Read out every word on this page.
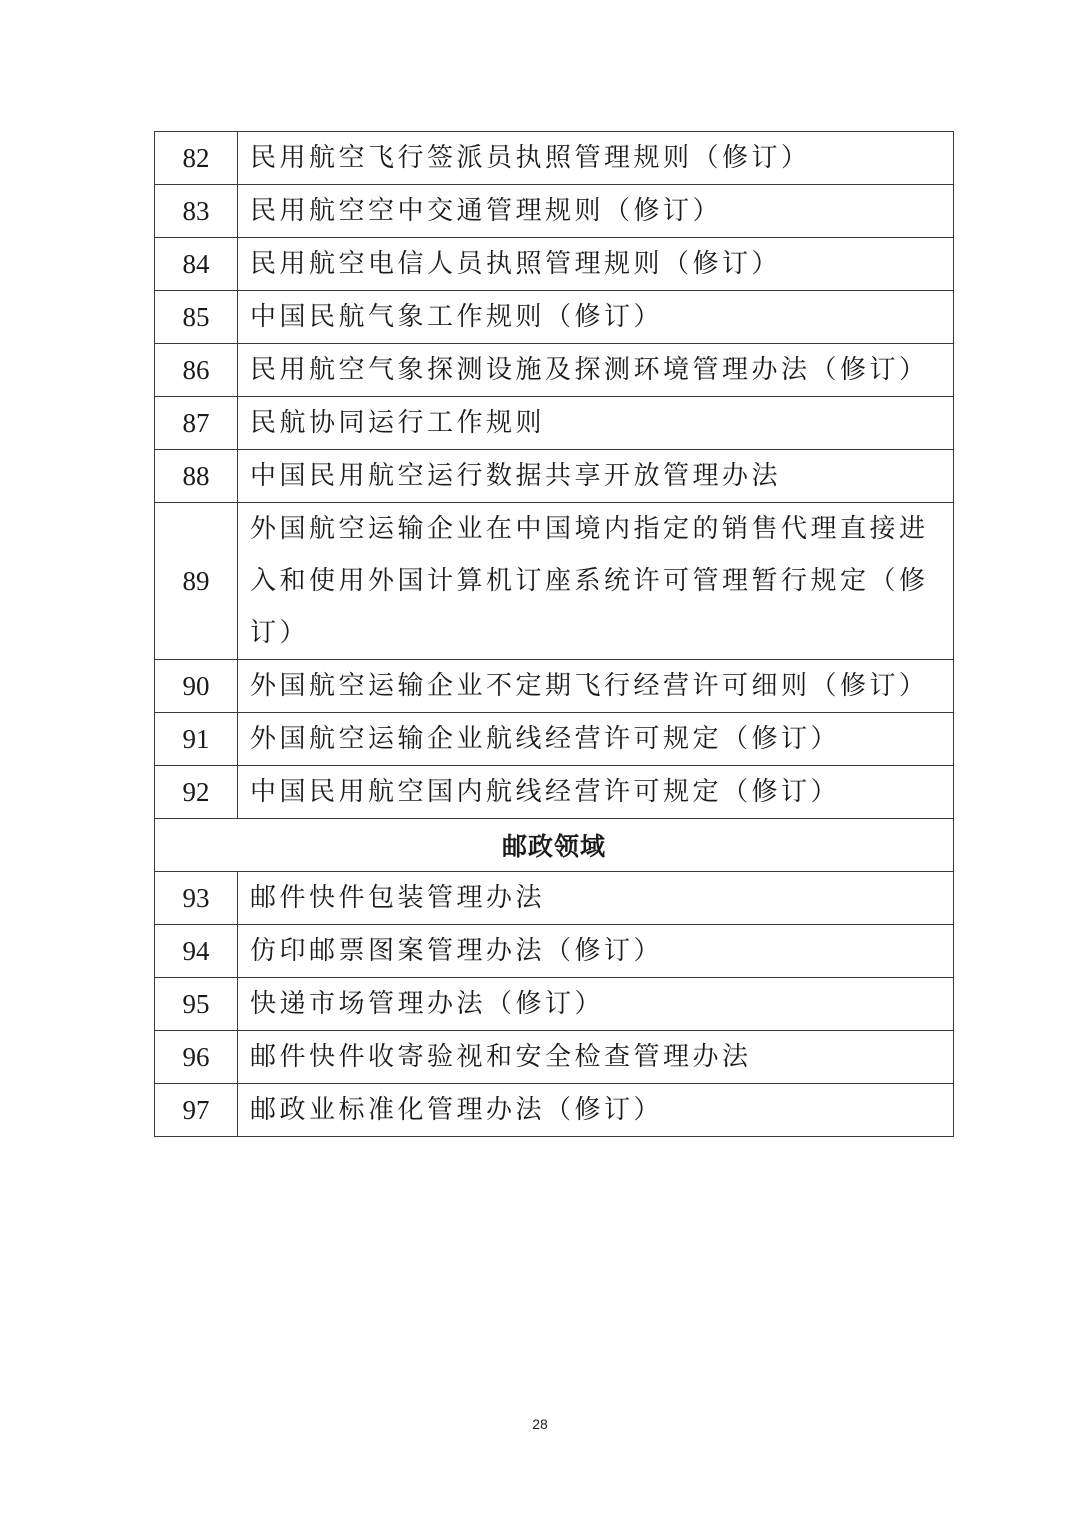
82	民用航空飞行签派员执照管理规则（修订）
83	民用航空空中交通管理规则（修订）
84	民用航空电信人员执照管理规则（修订）
85	中国民航气象工作规则（修订）
86	民用航空气象探测设施及探测环境管理办法（修订）
87	民航协同运行工作规则
88	中国民用航空运行数据共享开放管理办法
89	外国航空运输企业在中国境内指定的销售代理直接进入和使用外国计算机订座系统许可管理暂行规定（修订）
90	外国航空运输企业不定期飞行经营许可细则（修订）
91	外国航空运输企业航线经营许可规定（修订）
92	中国民用航空国内航线经营许可规定（修订）
邮政领域	
93	邮件快件包装管理办法
94	仿印邮票图案管理办法（修订）
95	快递市场管理办法（修订）
96	邮件快件收寄验视和安全检查管理办法
97	邮政业标准化管理办法（修订）
28
